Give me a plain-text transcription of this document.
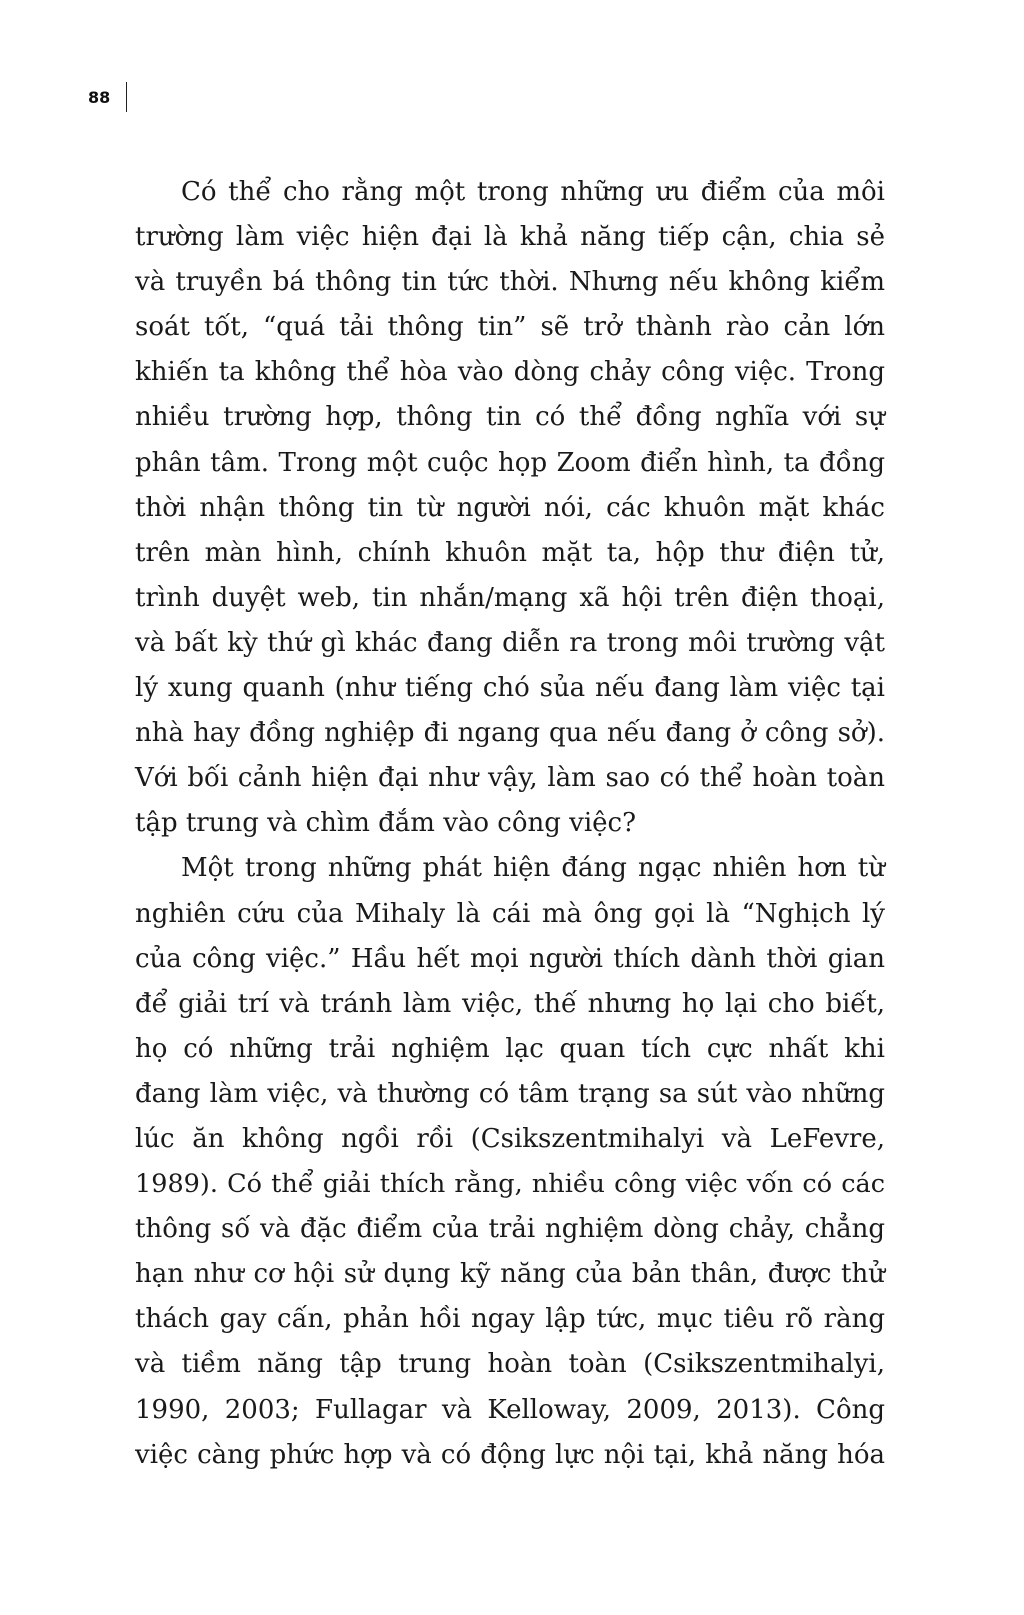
88
Có thể cho rằng một trong những ưu điểm của môi
trường làm việc hiện đại là khả năng tiếp cận, chia sẻ
và truyền bá thông tin tức thời. Nhưng nếu không kiểm
soát tốt, “quá tải thông tin” sẽ trở thành rào cản lớn
khiến ta không thể hòa vào dòng chảy công việc. Trong
nhiều trường hợp, thông tin có thể đồng nghĩa với sự
phân tâm. Trong một cuộc họp Zoom điển hình, ta đồng
thời nhận thông tin từ người nói, các khuôn mặt khác
trên màn hình, chính khuôn mặt ta, hộp thư điện tử,
trình duyệt web, tin nhắn/mạng xã hội trên điện thoại,
và bất kỳ thứ gì khác đang diễn ra trong môi trường vật
lý xung quanh (như tiếng chó sủa nếu đang làm việc tại
nhà hay đồng nghiệp đi ngang qua nếu đang ở công sở).
Với bối cảnh hiện đại như vậy, làm sao có thể hoàn toàn
tập trung và chìm đắm vào công việc?
Một trong những phát hiện đáng ngạc nhiên hơn từ
nghiên cứu của Mihaly là cái mà ông gọi là “Nghịch lý
của công việc.” Hầu hết mọi người thích dành thời gian
để giải trí và tránh làm việc, thế nhưng họ lại cho biết,
họ có những trải nghiệm lạc quan tích cực nhất khi
đang làm việc, và thường có tâm trạng sa sút vào những
lúc ăn không ngồi rồi (Csikszentmihalyi và LeFevre,
1989). Có thể giải thích rằng, nhiều công việc vốn có các
thông số và đặc điểm của trải nghiệm dòng chảy, chẳng
hạn như cơ hội sử dụng kỹ năng của bản thân, được thử
thách gay cấn, phản hồi ngay lập tức, mục tiêu rõ ràng
và tiềm năng tập trung hoàn toàn (Csikszentmihalyi,
1990, 2003; Fullagar và Kelloway, 2009, 2013). Công
việc càng phức hợp và có động lực nội tại, khả năng hóa
